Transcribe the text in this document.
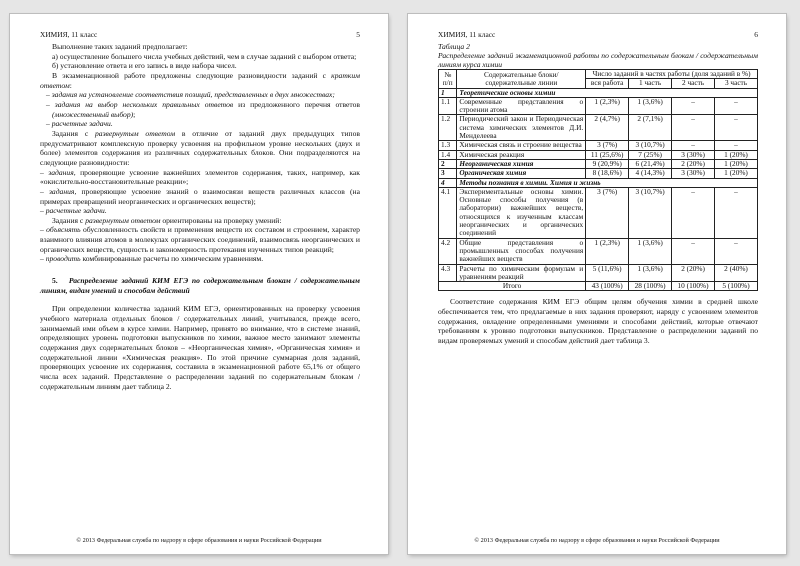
ХИМИЯ, 11 класс	5

Выполнение таких заданий предполагает:

а) осуществление большего числа учебных действий, чем в случае заданий с выбором ответа;

б) установление ответа и его запись в виде набора чисел.

В экзаменационной работе предложены следующие разновидности заданий с кратким ответом:

– задания на установление соответствия позиций, представленных в двух множествах;

– задания на выбор нескольких правильных ответов из предложенного перечня ответов (множественный выбор);

– расчетные задачи.

Задания с развернутым ответом в отличие от заданий двух предыдущих типов предусматривают комплексную проверку усвоения на профильном уровне нескольких (двух и более) элементов содержания из различных содержательных блоков. Они подразделяются на следующие разновидности:

– задания, проверяющие усвоение важнейших элементов содержания, таких, например, как «окислительно-восстановительные реакции»;

– задания, проверяющие усвоение знаний о взаимосвязи веществ различных классов (на примерах превращений неорганических и органических веществ);

– расчетные задачи.

Задания с развернутым ответом ориентированы на проверку умений:

– объяснять обусловленность свойств и применения веществ их составом и строением, характер взаимного влияния атомов в молекулах органических соединений, взаимосвязь неорганических и органических веществ, сущность и закономерность протекания изученных типов реакций;

– проводить комбинированные расчеты по химическим уравнениям.

5. Распределение заданий КИМ ЕГЭ по содержательным блокам / содержательным линиям, видам умений и способам действий

При определении количества заданий КИМ ЕГЭ, ориентированных на проверку усвоения учебного материала отдельных блоков / содержательных линий, учитывался, прежде всего, занимаемый ими объем в курсе химии. Например, принято во внимание, что в системе знаний, определяющих уровень подготовки выпускников по химии, важное место занимают элементы содержания двух содержательных блоков – «Неорганическая химия», «Органическая химия» и содержательной линии «Химическая реакция». По этой причине суммарная доля заданий, проверяющих усвоение их содержания, составила в экзаменационной работе 65,1% от общего числа всех заданий. Представление о распределении заданий по содержательным блокам / содержательным линиям дает таблица 2.

© 2013 Федеральная служба по надзору в сфере образования и науки Российской Федерации
ХИМИЯ, 11 класс	6

Таблица 2

Распределение заданий экзаменационной работы по содержательным блокам / содержательным линиям курса химии

№ п/п	Содержательные блоки/ содержательные линии	Число заданий в частях работы (доля заданий в %)			
		вся работа	1 часть	2 часть	3 часть
1	Теоретические основы химии				
1.1	Современные представления о строении атома	1 (2,3%)	1 (3,6%)	–	–
1.2	Периодический закон и Периодическая система химических элементов Д.И. Менделеева	2 (4,7%)	2 (7,1%)	–	–
1.3	Химическая связь и строение вещества	3 (7%)	3 (10,7%)	–	–
1.4	Химическая реакция	11 (25,6%)	7 (25%)	3 (30%)	1 (20%)
2	Неорганическая химия	9 (20,9%)	6 (21,4%)	2 (20%)	1 (20%)
3	Органическая химия	8 (18,6%)	4 (14,3%)	3 (30%)	1 (20%)
4	Методы познания в химии. Химия и жизнь				
4.1	Экспериментальные основы химии. Основные способы получения (в лаборатории) важнейших веществ, относящихся к изученным классам неорганических и органических соединений	3 (7%)	3 (10,7%)	–	–
4.2	Общие представления о промышленных способах получения важнейших веществ	1 (2,3%)	1 (3,6%)	–	–
4.3	Расчеты по химическим формулам и уравнениям реакций	5 (11,6%)	1 (3,6%)	2 (20%)	2 (40%)
Итого		43 (100%)	28 (100%)	10 (100%)	5 (100%)

Соответствие содержания КИМ ЕГЭ общим целям обучения химии в средней школе обеспечивается тем, что предлагаемые в них задания проверяют, наряду с усвоением элементов содержания, овладение определенными умениями и способами действий, которые отвечают требованиям к уровню подготовки выпускников. Представление о распределении заданий по видам проверяемых умений и способам действий дает таблица 3.

© 2013 Федеральная служба по надзору в сфере образования и науки Российской Федерации
